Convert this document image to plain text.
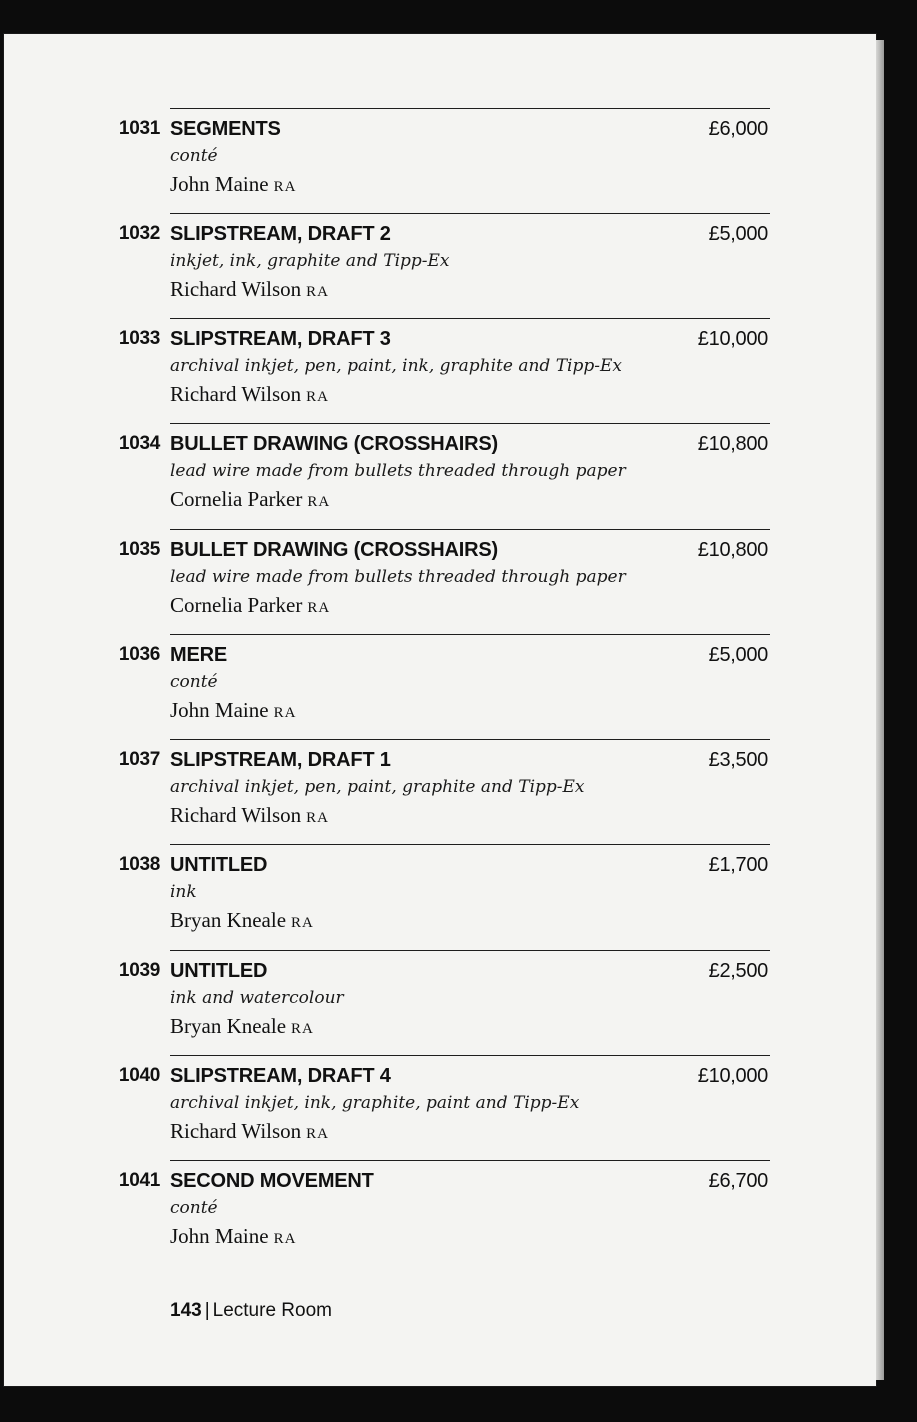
1031 SEGMENTS
conté
John Maine RA
£6,000
1032 SLIPSTREAM, DRAFT 2
inkjet, ink, graphite and Tipp-Ex
Richard Wilson RA
£5,000
1033 SLIPSTREAM, DRAFT 3
archival inkjet, pen, paint, ink, graphite and Tipp-Ex
Richard Wilson RA
£10,000
1034 BULLET DRAWING (CROSSHAIRS)
lead wire made from bullets threaded through paper
Cornelia Parker RA
£10,800
1035 BULLET DRAWING (CROSSHAIRS)
lead wire made from bullets threaded through paper
Cornelia Parker RA
£10,800
1036 MERE
conté
John Maine RA
£5,000
1037 SLIPSTREAM, DRAFT 1
archival inkjet, pen, paint, graphite and Tipp-Ex
Richard Wilson RA
£3,500
1038 UNTITLED
ink
Bryan Kneale RA
£1,700
1039 UNTITLED
ink and watercolour
Bryan Kneale RA
£2,500
1040 SLIPSTREAM, DRAFT 4
archival inkjet, ink, graphite, paint and Tipp-Ex
Richard Wilson RA
£10,000
1041 SECOND MOVEMENT
conté
John Maine RA
£6,700
143 | Lecture Room
